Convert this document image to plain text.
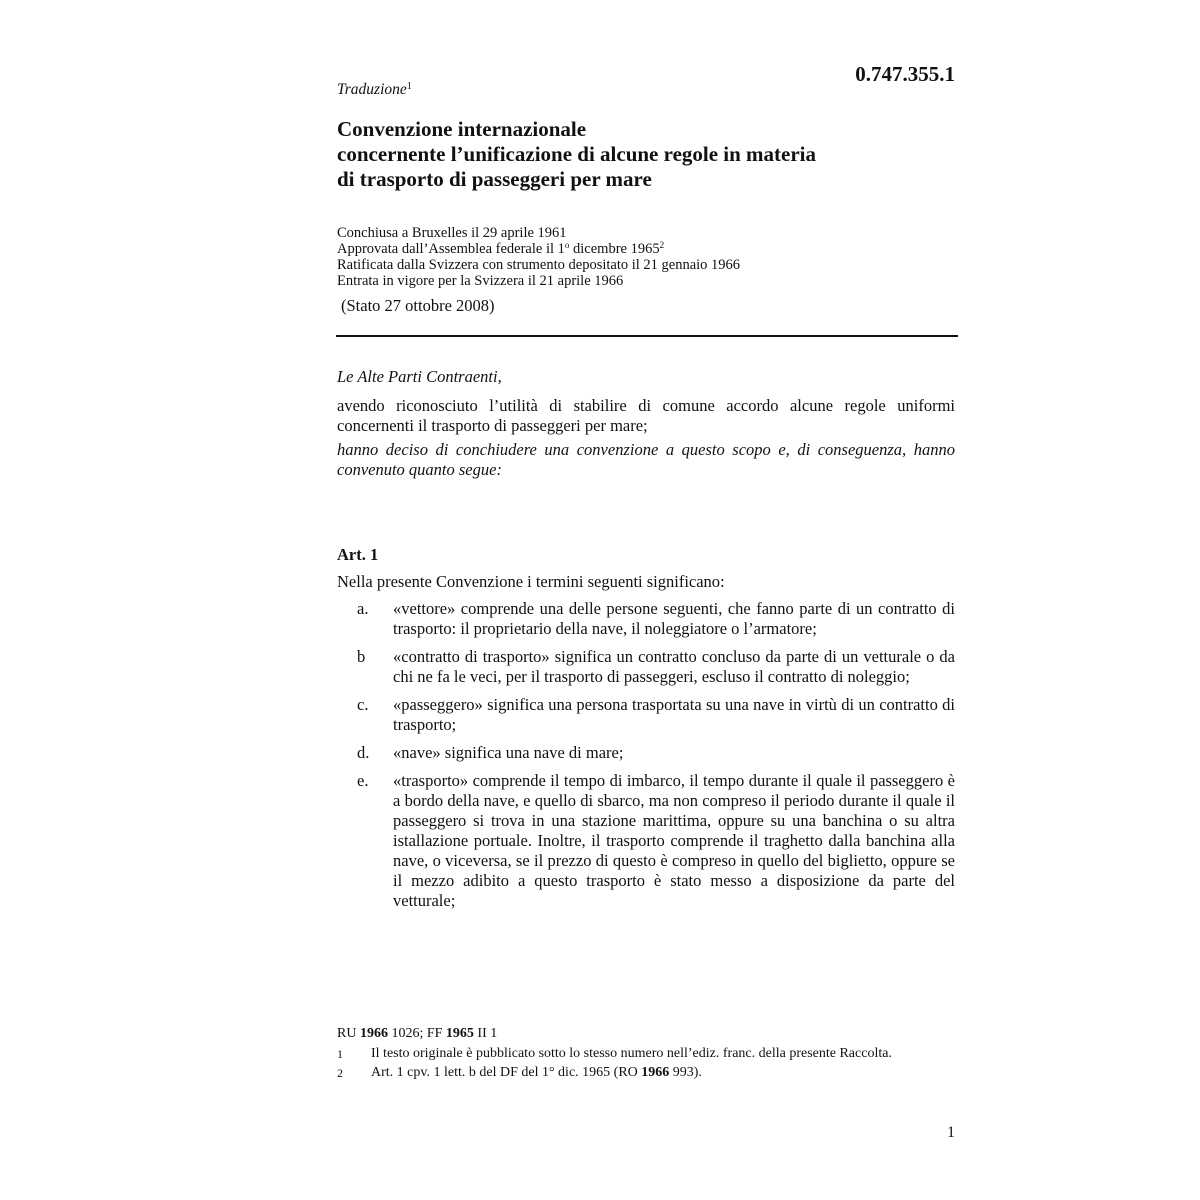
0.747.355.1
Traduzione$^1$
Convenzione internazionale
concernente l’unificazione di alcune regole in materia
di trasporto di passeggeri per mare
Conchiusa a Bruxelles il 29 aprile 1961
Approvata dall’Assemblea federale il 1$^o$ dicembre 1965$^2$
Ratificata dalla Svizzera con strumento depositato il 21 gennaio 1966
Entrata in vigore per la Svizzera il 21 aprile 1966
(Stato 27 ottobre 2008)

Le Alte Parti Contraenti,

avendo riconosciuto l’utilità di stabilire di comune accordo alcune regole uniformi concernenti il trasporto di passeggeri per mare;

hanno deciso di conchiudere una convenzione a questo scopo e, di conseguenza, hanno convenuto quanto segue:

Art. 1

Nella presente Convenzione i termini seguenti significano:

a.	«vettore» comprende una delle persone seguenti, che fanno parte di un contratto di trasporto: il proprietario della nave, il noleggiatore o l’armatore;
b	«contratto di trasporto» significa un contratto concluso da parte di un vetturale o da chi ne fa le veci, per il trasporto di passeggeri, escluso il contratto di noleggio;
c.	«passeggero» significa una persona trasportata su una nave in virtù di un contratto di trasporto;
d.	«nave» significa una nave di mare;
e.	«trasporto» comprende il tempo di imbarco, il tempo durante il quale il passeggero è a bordo della nave, e quello di sbarco, ma non compreso il periodo durante il quale il passeggero si trova in una stazione marittima, oppure su una banchina o su altra istallazione portuale. Inoltre, il trasporto comprende il traghetto dalla banchina alla nave, o viceversa, se il prezzo di questo è compreso in quello del biglietto, oppure se il mezzo adibito a questo trasporto è stato messo a disposizione da parte del vetturale;
RU 1966 1026; FF 1965 II 1
1	Il testo originale è pubblicato sotto lo stesso numero nell’ediz. franc. della presente Raccolta.
2	Art. 1 cpv. 1 lett. b del DF del 1° dic. 1965 (RO 1966 993).
1
